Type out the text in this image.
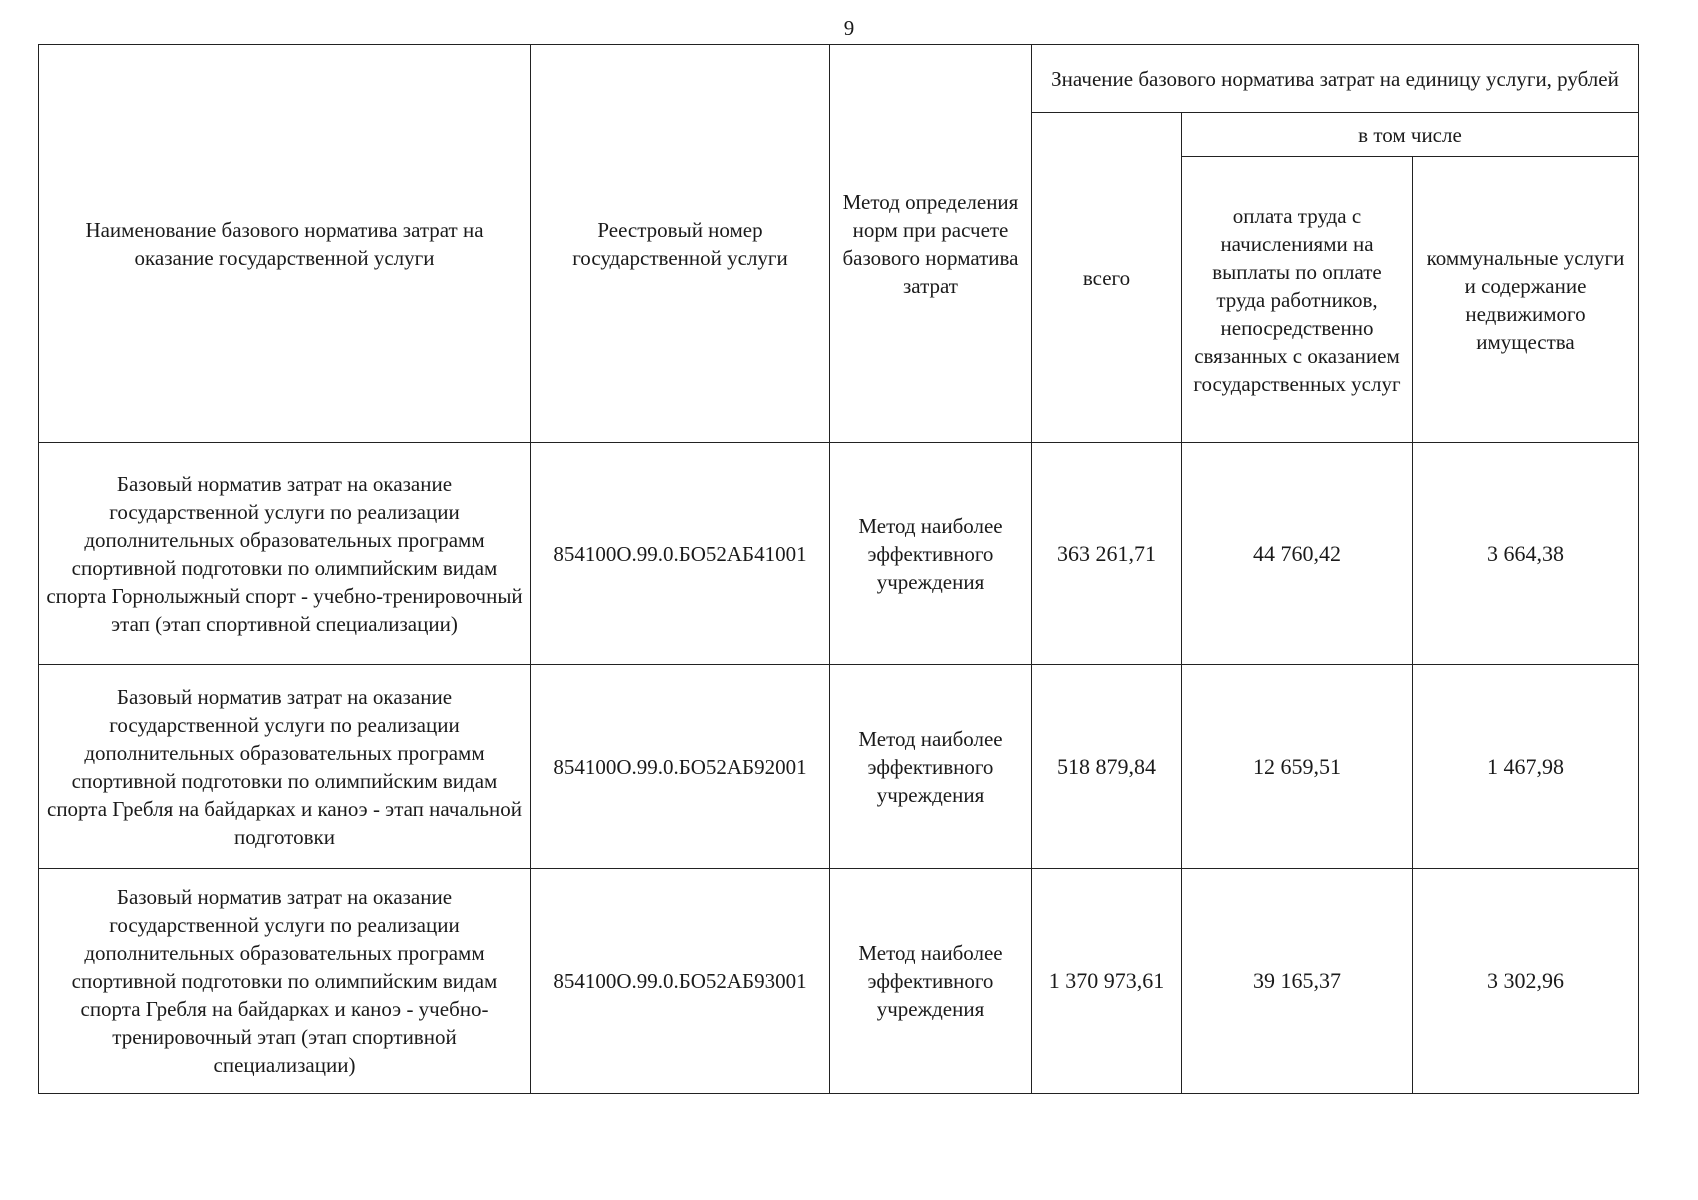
9
Наименование базового норматива затрат на оказание государственной услуги	Реестровый номер государственной услуги	Метод определения норм при расчете базового норматива затрат	Значение базового норматива затрат на единицу услуги, рублей		
			всего	в том числе	
				оплата труда с начислениями на выплаты по оплате труда работников, непосредственно связанных с оказанием государственных услуг	коммунальные услуги и содержание недвижимого имущества
Базовый норматив затрат на оказание государственной услуги по реализации дополнительных образовательных программ спортивной подготовки по олимпийским видам спорта Горнолыжный спорт - учебно-тренировочный этап (этап спортивной специализации)	854100О.99.0.БО52АБ41001	Метод наиболее эффективного учреждения	363 261,71	44 760,42	3 664,38
Базовый норматив затрат на оказание государственной услуги по реализации дополнительных образовательных программ спортивной подготовки по олимпийским видам спорта Гребля на байдарках и каноэ - этап начальной подготовки	854100О.99.0.БО52АБ92001	Метод наиболее эффективного учреждения	518 879,84	12 659,51	1 467,98
Базовый норматив затрат на оказание государственной услуги по реализации дополнительных образовательных программ спортивной подготовки по олимпийским видам спорта Гребля на байдарках и каноэ - учебно-тренировочный этап (этап спортивной специализации)	854100О.99.0.БО52АБ93001	Метод наиболее эффективного учреждения	1 370 973,61	39 165,37	3 302,96
